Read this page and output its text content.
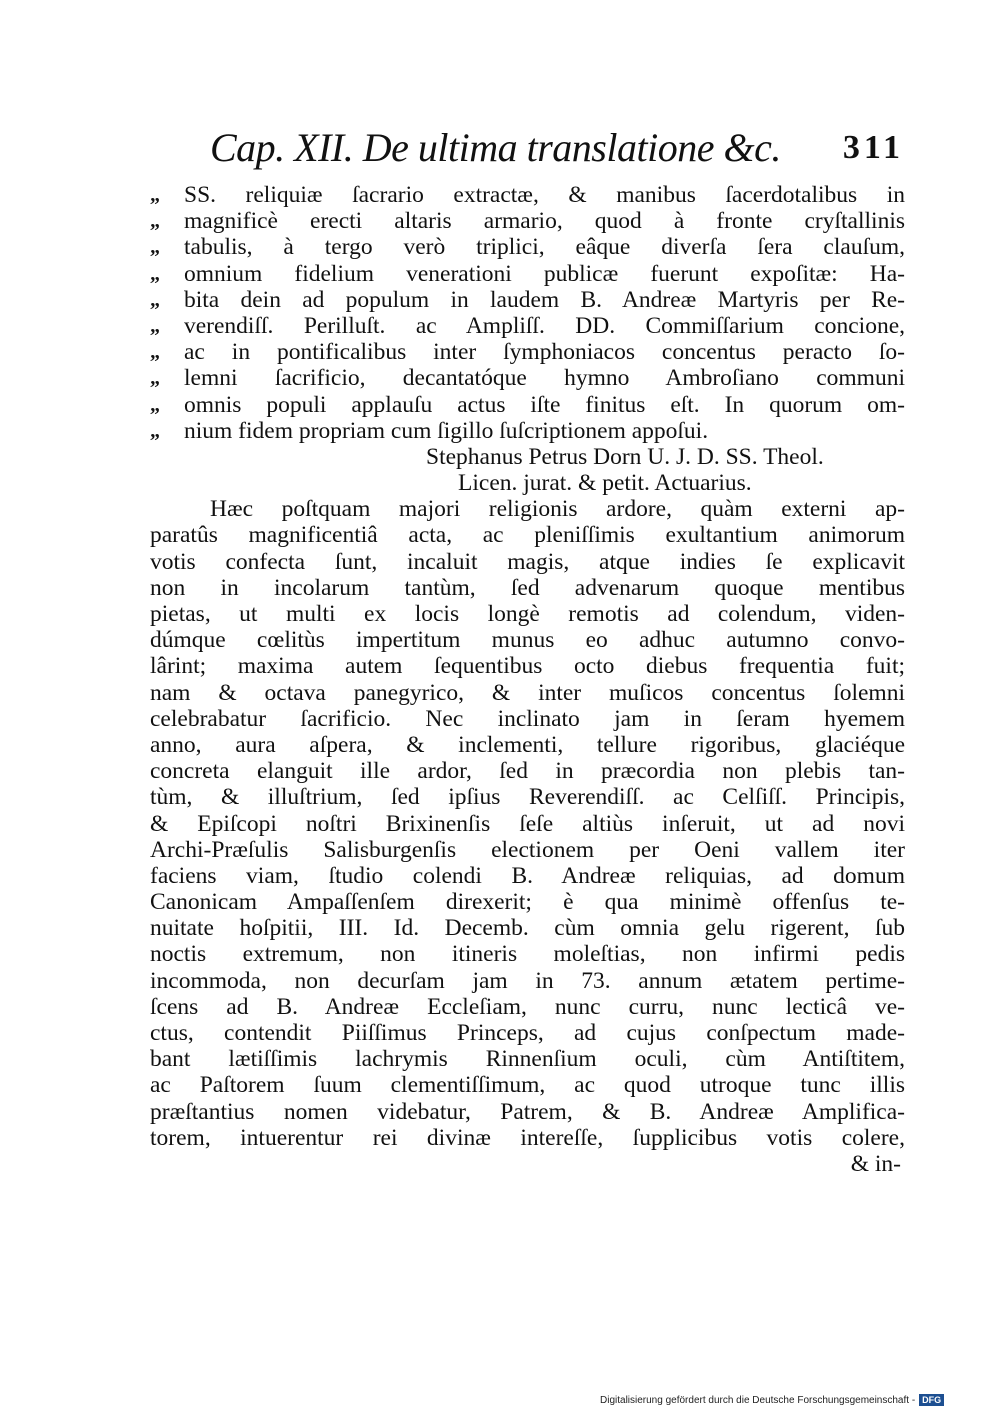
Cap. XII. De ultima translatione &c. 311
„ SS. reliquiæ ſacrario extractæ, & manibus ſacerdotalibus in
„ magnificè erecti altaris armario, quod à fronte cryſtallinis
„ tabulis, à tergo verò triplici, eâque diverſa ſera clauſum,
„ omnium fidelium venerationi publicæ fuerunt expoſitæ: Ha-
„ bita dein ad populum in laudem B. Andreæ Martyris per Re-
„ verendiſſ. Perilluſt. ac Ampliſſ. DD. Commiſſarium concione,
„ ac in pontificalibus inter ſymphoniacos concentus peracto ſo-
„ lemni ſacrificio, decantatóque hymno Ambroſiano communi
„ omnis populi applauſu actus iſte finitus eſt. In quorum om-
„ nium fidem propriam cum ſigillo ſuſcriptionem appoſui.
Stephanus Petrus Dorn U. J. D. SS. Theol.
Licen. jurat. & petit. Actuarius.
Hæc poſtquam majori religionis ardore, quàm externi ap-
paratûs magnificentiâ acta, ac pleniſſimis exultantium animorum
votis confecta ſunt, incaluit magis, atque indies ſe explicavit
non in incolarum tantùm, ſed advenarum quoque mentibus
pietas, ut multi ex locis longè remotis ad colendum, viden-
dúmque cœlitùs impertitum munus eo adhuc autumno convo-
lârint; maxima autem ſequentibus octo diebus frequentia fuit;
nam & octava panegyrico, & inter muſicos concentus ſolemni
celebrabatur ſacrificio. Nec inclinato jam in ſeram hyemem
anno, aura aſpera, & inclementi, tellure rigoribus, glaciéque
concreta elanguit ille ardor, ſed in præcordia non plebis tan-
tùm, & illuſtrium, ſed ipſius Reverendiſſ. ac Celſiſſ. Principis,
& Epiſcopi noſtri Brixinenſis ſeſe altiùs inſeruit, ut ad novi
Archi-Præſulis Salisburgenſis electionem per Oeni vallem iter
faciens viam, ſtudio colendi B. Andreæ reliquias, ad domum
Canonicam Ampaſſenſem direxerit; è qua minimè offenſus te-
nuitate hoſpitii, III. Id. Decemb. cùm omnia gelu rigerent, ſub
noctis extremum, non itineris moleſtias, non infirmi pedis
incommoda, non decurſam jam in 73. annum ætatem pertime-
ſcens ad B. Andreæ Eccleſiam, nunc curru, nunc lecticâ ve-
ctus, contendit Piiſſimus Princeps, ad cujus conſpectum made-
bant lætiſſimis lachrymis Rinnenſium oculi, cùm Antiſtitem,
ac Paſtorem ſuum clementiſſimum, ac quod utroque tunc illis
præſtantius nomen videbatur, Patrem, & B. Andreæ Amplifica-
torem, intuerentur rei divinæ intereſſe, ſupplicibus votis colere,
& in-
Digitalisierung gefördert durch die Deutsche Forschungsgemeinschaft - DFG
